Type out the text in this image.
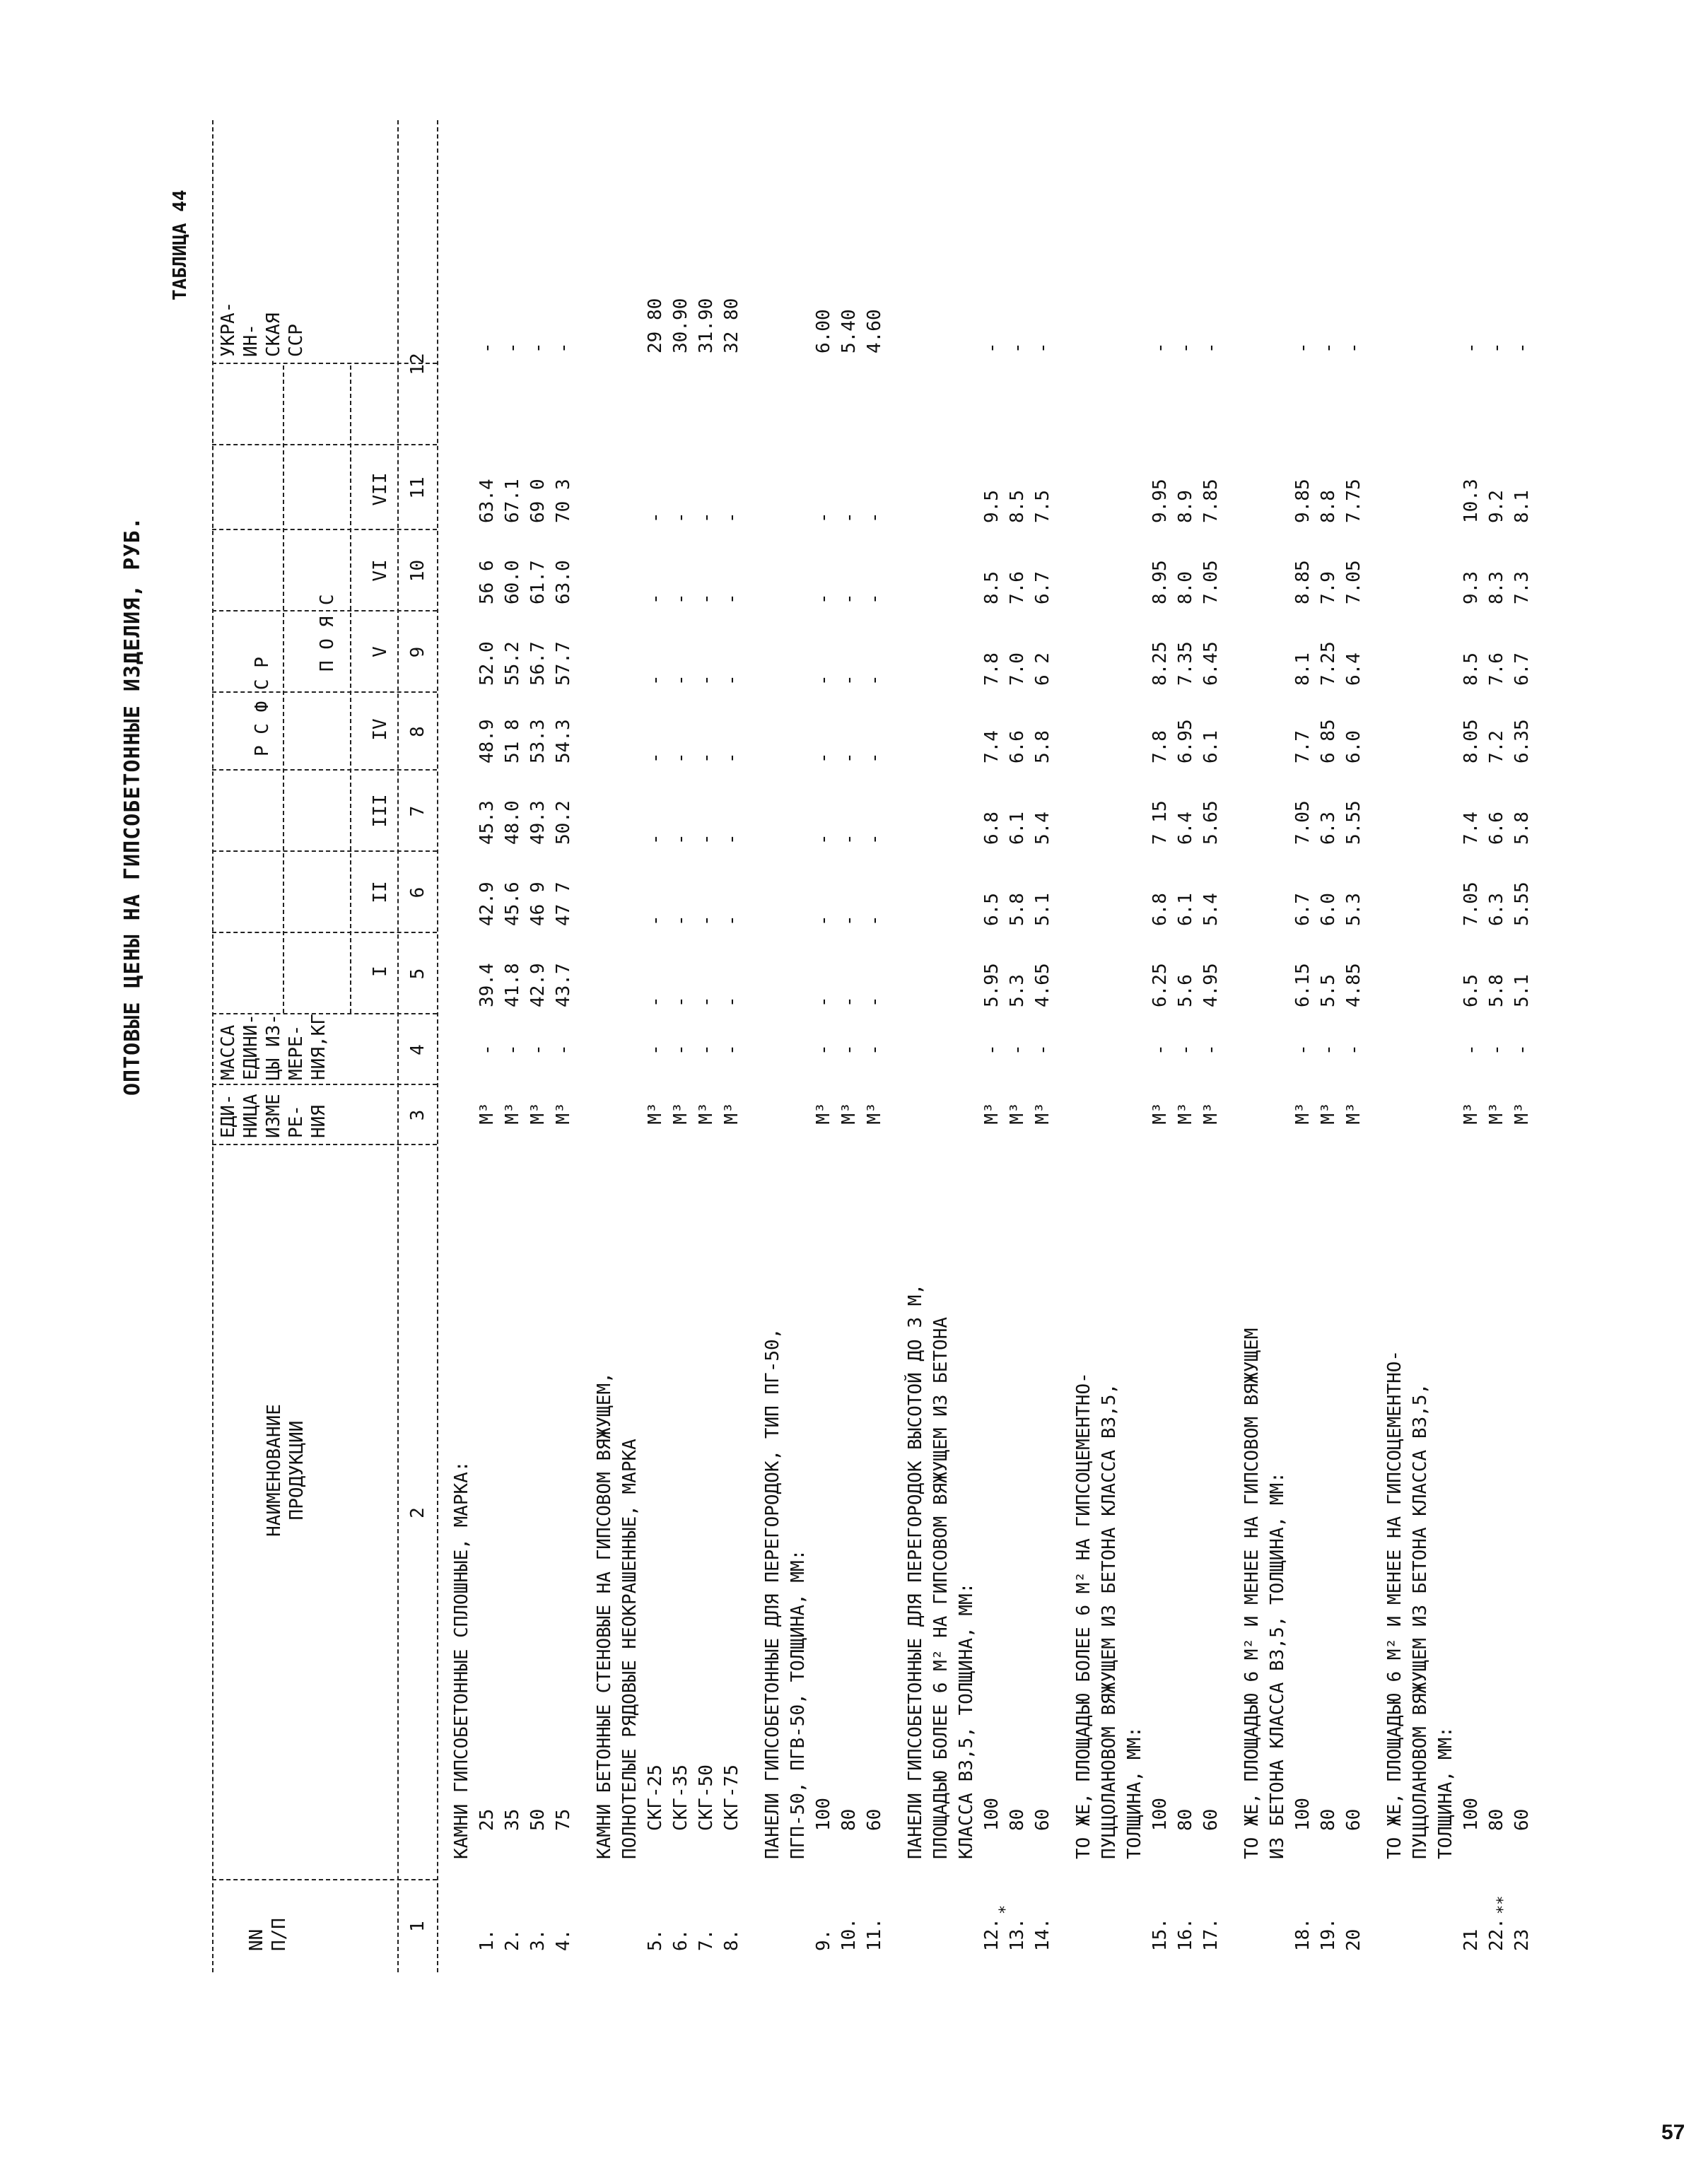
ОПТОВЫЕ ЦЕНЫ НА ГИПСОБЕТОННЫЕ ИЗДЕЛИЯ, РУБ.
ТАБЛИЦА 44
NN П/П
НАИМЕНОВАНИЕ ПРОДУКЦИИ
ЕДИ- НИЦА ИЗМЕ РЕ- НИЯ
МАССА ЕДИНИ- ЦЫ ИЗ- МЕРЕ- НИЯ,КГ
Р С Ф С Р
П О Я С
I
II
III
IV
V
VI
VII
УКРА- ИН- СКАЯ ССР
1
2
3
4
5
6
7
8
9
10
11
12
КАМНИ ГИПСОБЕТОННЫЕ СПЛОШНЫЕ, МАРКА:
1.
25
М³
-
39.4
42.9
45.3
48.9
52.0
56 6
63.4
-
2.
35
М³
-
41.8
45.6
48.0
51 8
55.2
60.0
67.1
-
3.
50
М³
-
42.9
46 9
49.3
53.3
56.7
61.7
69 0
-
4.
75
М³
-
43.7
47 7
50.2
54.3
57.7
63.0
70 3
-
КАМНИ БЕТОННЫЕ СТЕНОВЫЕ НА ГИПСОВОМ ВЯЖУЩЕМ, ПОЛНОТЕЛЫЕ РЯДОВЫЕ НЕОКРАШЕННЫЕ, МАРКА
5.
СКГ-25
М³
-
-
-
-
-
-
-
-
29 80
6.
СКГ-35
М³
-
-
-
-
-
-
-
-
30.90
7.
СКГ-50
М³
-
-
-
-
-
-
-
-
31.90
8.
СКГ-75
М³
-
-
-
-
-
-
-
-
32 80
ПАНЕЛИ ГИПСОБЕТОННЫЕ ДЛЯ ПЕРЕГОРОДОК, ТИП ПГ-50, ПГП-50, ПГВ-50, ТОЛЩИНА, ММ:
9.
100
М³
-
-
-
-
-
-
-
-
6.00
10.
80
М³
-
-
-
-
-
-
-
-
5.40
11.
60
М³
-
-
-
-
-
-
-
-
4.60
ПАНЕЛИ ГИПСОБЕТОННЫЕ ДЛЯ ПЕРЕГОРОДОК ВЫСОТОЙ ДО 3 М, ПЛОЩАДЬЮ БОЛЕЕ 6 М² НА ГИПСОВОМ ВЯЖУЩЕМ ИЗ БЕТОНА КЛАССА В3,5, ТОЛЩИНА, ММ:
12.
100
М³
-
5.95
6.5
6.8
7.4
7.8
8.5
9.5
-
13.
80
М³
-
5.3
5.8
6.1
6.6
7.0
7.6
8.5
-
*
14.
60
М³
-
4.65
5.1
5.4
5.8
6 2
6.7
7.5
-
ТО ЖЕ, ПЛОЩАДЬЮ БОЛЕЕ 6 М² НА ГИПСОЦЕМЕНТНО- ПУЦЦОЛАНОВОМ ВЯЖУЩЕМ ИЗ БЕТОНА КЛАССА В3,5, ТОЛЩИНА, ММ:
15.
100
М³
-
6.25
6.8
7 15
7.8
8.25
8.95
9.95
-
16.
80
М³
-
5.6
6.1
6.4
6.95
7.35
8.0
8.9
-
17.
60
М³
-
4.95
5.4
5.65
6.1
6.45
7.05
7.85
-
ТО ЖЕ, ПЛОЩАДЬЮ 6 М² И МЕНЕЕ НА ГИПСОВОМ ВЯЖУЩЕМ ИЗ БЕТОНА КЛАССА В3,5, ТОЛЩИНА, ММ:
18.
100
М³
-
6.15
6.7
7.05
7.7
8.1
8.85
9.85
-
19.
80
М³
-
5.5
6.0
6.3
6 85
7.25
7.9
8.8
-
20
60
М³
-
4.85
5.3
5.55
6.0
6.4
7.05
7.75
-
ТО ЖЕ, ПЛОЩАДЬЮ 6 М² И МЕНЕЕ НА ГИПСОЦЕМЕНТНО- ПУЦЦОЛАНОВОМ ВЯЖУЩЕМ ИЗ БЕТОНА КЛАССА В3,5, ТОЛЩИНА, ММ:
21
100
М³
-
6.5
7.05
7.4
8.05
8.5
9.3
10.3
-
22.
80
М³
-
5.8
6.3
6.6
7.2
7.6
8.3
9.2
-
**
23
60
М³
-
5.1
5.55
5.8
6.35
6.7
7.3
8.1
-
57
